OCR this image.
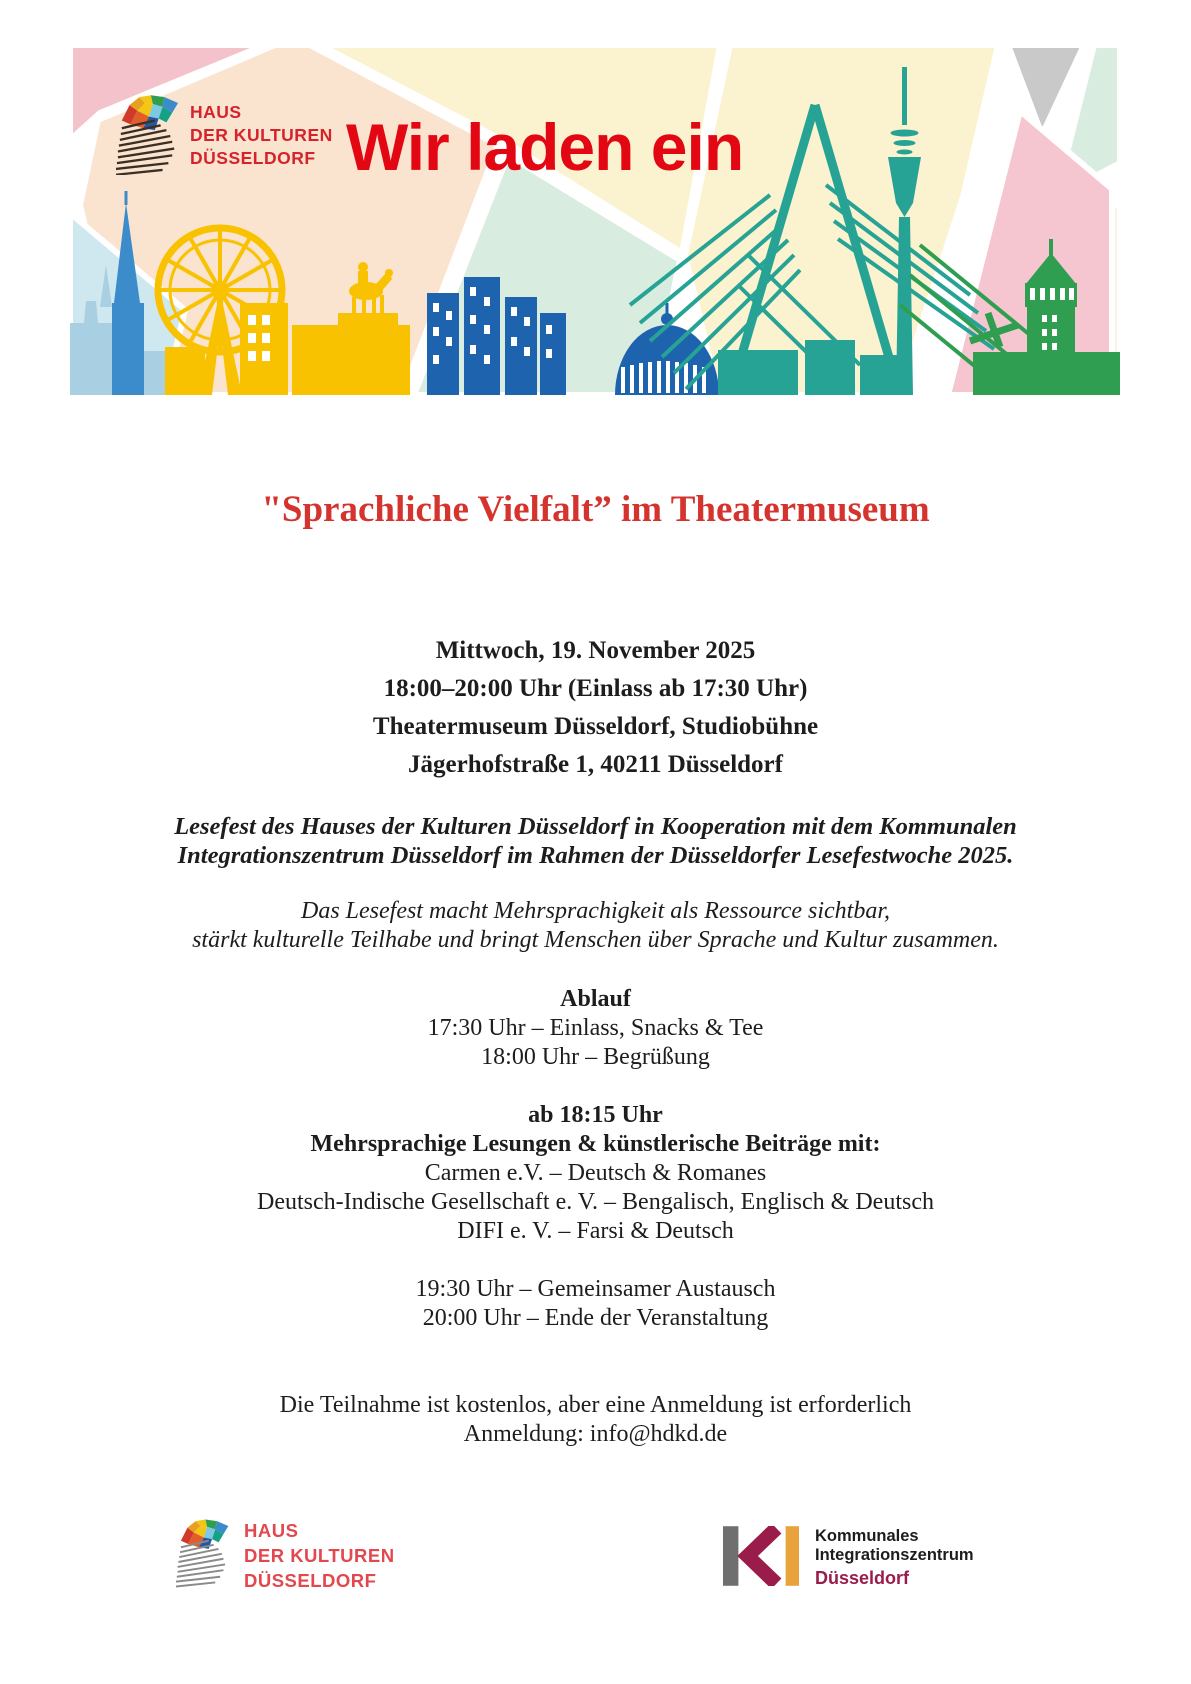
HAUS
DER KULTUREN
DÜSSELDORF Wir laden ein
"Sprachliche Vielfalt” im Theatermuseum
Mittwoch, 19. November 2025
18:00–20:00 Uhr (Einlass ab 17:30 Uhr)
Theatermuseum Düsseldorf, Studiobühne
Jägerhofstraße 1, 40211 Düsseldorf
Lesefest des Hauses der Kulturen Düsseldorf in Kooperation mit dem Kommunalen
Integrationszentrum Düsseldorf im Rahmen der Düsseldorfer Lesefestwoche 2025.
Das Lesefest macht Mehrsprachigkeit als Ressource sichtbar,
stärkt kulturelle Teilhabe und bringt Menschen über Sprache und Kultur zusammen.
Ablauf
17:30 Uhr – Einlass, Snacks & Tee
18:00 Uhr – Begrüßung
ab 18:15 Uhr
Mehrsprachige Lesungen & künstlerische Beiträge mit:
Carmen e.V. – Deutsch & Romanes
Deutsch-Indische Gesellschaft e. V. – Bengalisch, Englisch & Deutsch
DIFI e. V. – Farsi & Deutsch
19:30 Uhr – Gemeinsamer Austausch
20:00 Uhr – Ende der Veranstaltung
Die Teilnahme ist kostenlos, aber eine Anmeldung ist erforderlich
Anmeldung: info@hdkd.de
HAUS
DER KULTUREN
DÜSSELDORF
Kommunales
Integrationszentrum
Düsseldorf
